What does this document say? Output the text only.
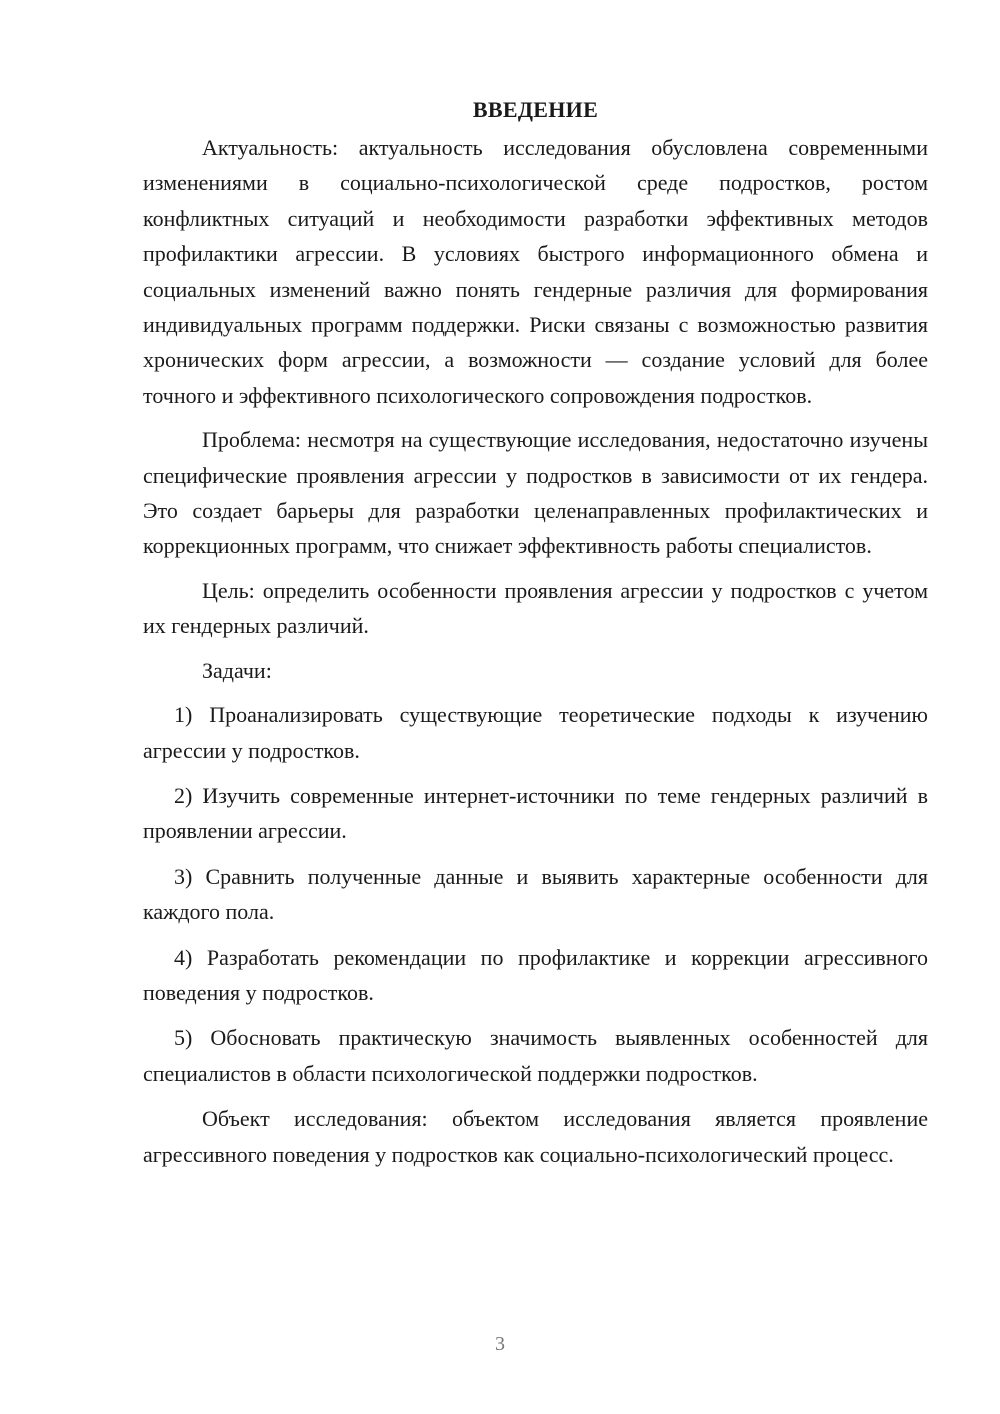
ВВЕДЕНИЕ

Актуальность: актуальность исследования обусловлена современными изменениями в социально-психологической среде подростков, ростом конфликтных ситуаций и необходимости разработки эффективных методов профилактики агрессии. В условиях быстрого информационного обмена и социальных изменений важно понять гендерные различия для формирования индивидуальных программ поддержки. Риски связаны с возможностью развития хронических форм агрессии, а возможности — создание условий для более точного и эффективного психологического сопровождения подростков.

Проблема: несмотря на существующие исследования, недостаточно изучены специфические проявления агрессии у подростков в зависимости от их гендера. Это создает барьеры для разработки целенаправленных профилактических и коррекционных программ, что снижает эффективность работы специалистов.

Цель: определить особенности проявления агрессии у подростков с учетом их гендерных различий.

Задачи:

1) Проанализировать существующие теоретические подходы к изучению агрессии у подростков.

2) Изучить современные интернет-источники по теме гендерных различий в проявлении агрессии.

3) Сравнить полученные данные и выявить характерные особенности для каждого пола.

4) Разработать рекомендации по профилактике и коррекции агрессивного поведения у подростков.

5) Обосновать практическую значимость выявленных особенностей для специалистов в области психологической поддержки подростков.

Объект исследования: объектом исследования является проявление агрессивного поведения у подростков как социально-психологический процесс.

3
